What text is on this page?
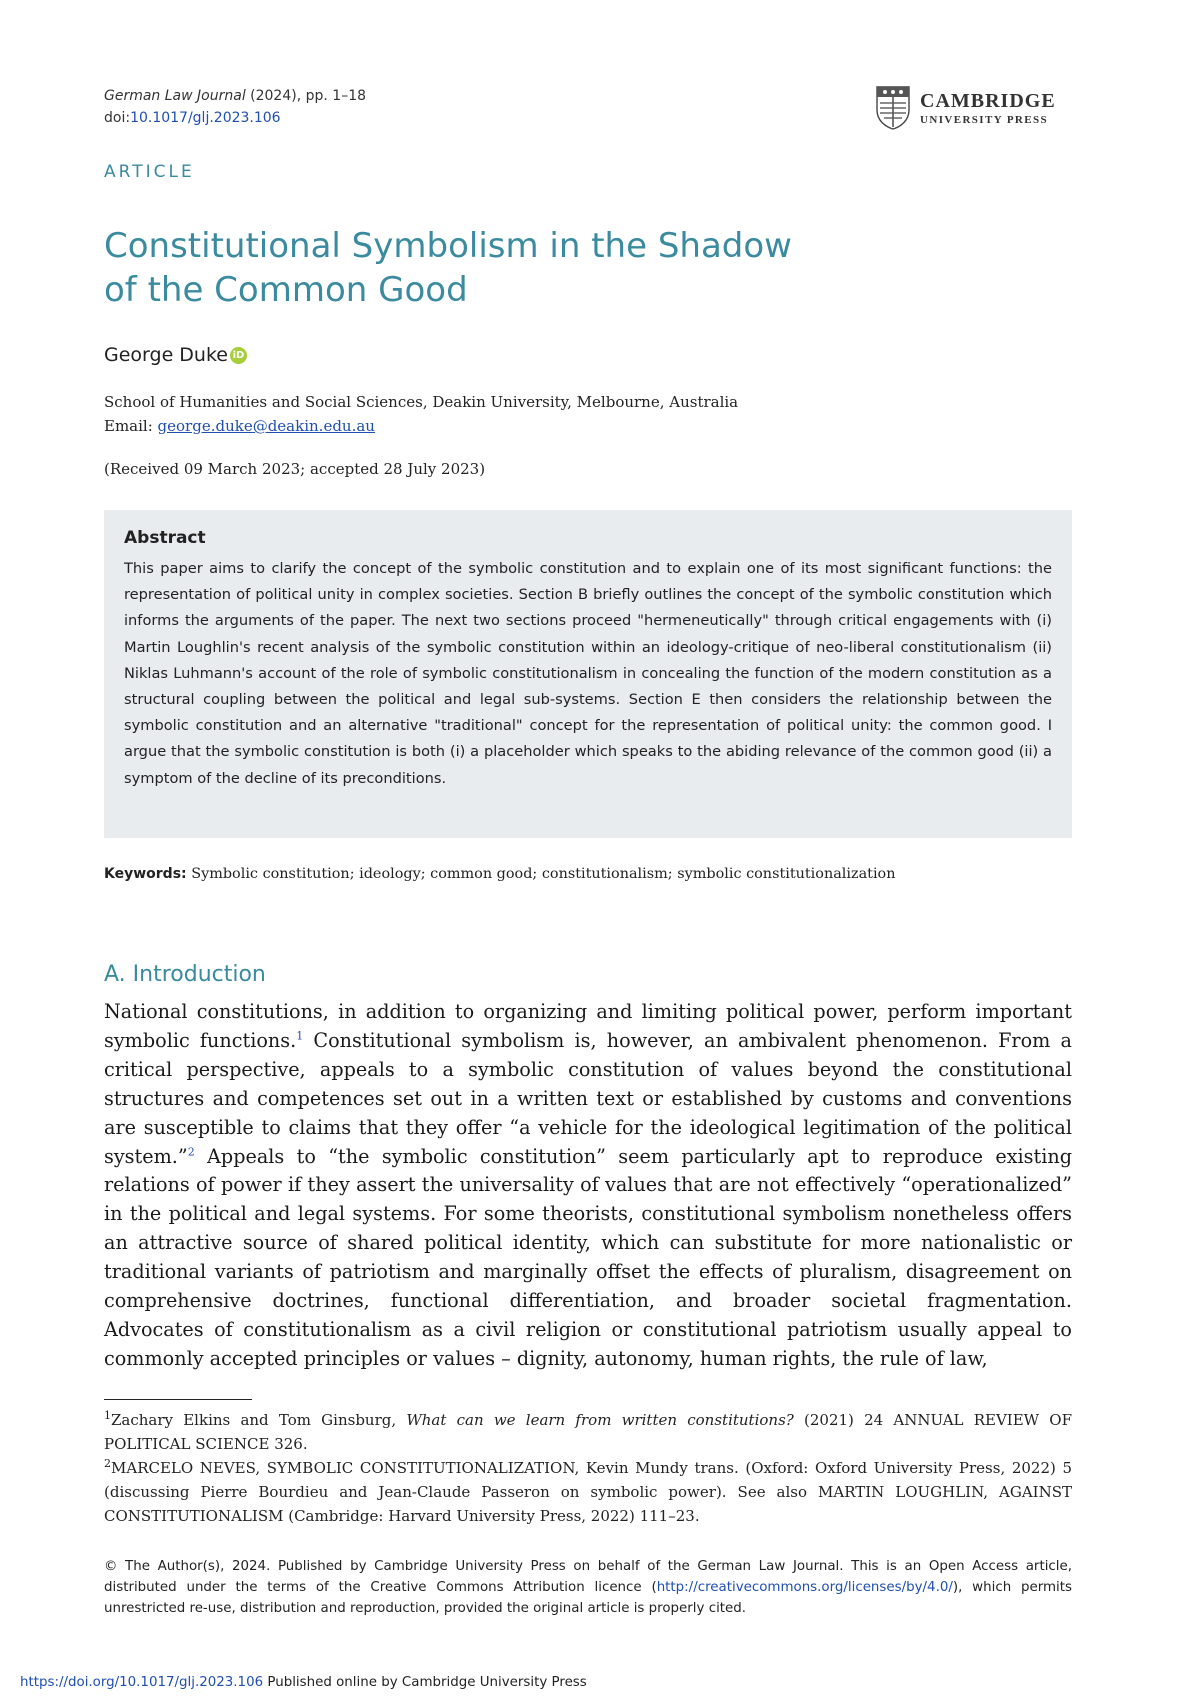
German Law Journal (2024), pp. 1–18
doi:10.1017/glj.2023.106
CAMBRIDGE
UNIVERSITY PRESS
ARTICLE
Constitutional Symbolism in the Shadow
of the Common Good
George Duke iD
School of Humanities and Social Sciences, Deakin University, Melbourne, Australia
Email: george.duke@deakin.edu.au
(Received 09 March 2023; accepted 28 July 2023)
Abstract

This paper aims to clarify the concept of the symbolic constitution and to explain one of its most significant functions: the representation of political unity in complex societies. Section B briefly outlines the concept of the symbolic constitution which informs the arguments of the paper. The next two sections proceed "hermeneutically" through critical engagements with (i) Martin Loughlin's recent analysis of the symbolic constitution within an ideology-critique of neo-liberal constitutionalism (ii) Niklas Luhmann's account of the role of symbolic constitutionalism in concealing the function of the modern constitution as a structural coupling between the political and legal sub-systems. Section E then considers the relationship between the symbolic constitution and an alternative "traditional" concept for the representation of political unity: the common good. I argue that the symbolic constitution is both (i) a placeholder which speaks to the abiding relevance of the common good (ii) a symptom of the decline of its preconditions.

Keywords: Symbolic constitution; ideology; common good; constitutionalism; symbolic constitutionalization
A. Introduction

National constitutions, in addition to organizing and limiting political power, perform important symbolic functions.$^1$ Constitutional symbolism is, however, an ambivalent phenomenon. From a critical perspective, appeals to a symbolic constitution of values beyond the constitutional structures and competences set out in a written text or established by customs and conventions are susceptible to claims that they offer “a vehicle for the ideological legitimation of the political system.”$^2$ Appeals to “the symbolic constitution” seem particularly apt to reproduce existing relations of power if they assert the universality of values that are not effectively “operationalized” in the political and legal systems. For some theorists, constitutional symbolism nonetheless offers an attractive source of shared political identity, which can substitute for more nationalistic or traditional variants of patriotism and marginally offset the effects of pluralism, disagreement on comprehensive doctrines, functional differentiation, and broader societal fragmentation. Advocates of constitutionalism as a civil religion or constitutional patriotism usually appeal to commonly accepted principles or values – dignity, autonomy, human rights, the rule of law,

$^1$Zachary Elkins and Tom Ginsburg, What can we learn from written constitutions? (2021) 24 ANNUAL REVIEW OF POLITICAL SCIENCE 326.

$^2$MARCELO NEVES, SYMBOLIC CONSTITUTIONALIZATION, Kevin Mundy trans. (Oxford: Oxford University Press, 2022) 5 (discussing Pierre Bourdieu and Jean-Claude Passeron on symbolic power). See also MARTIN LOUGHLIN, AGAINST CONSTITUTIONALISM (Cambridge: Harvard University Press, 2022) 111–23.

© The Author(s), 2024. Published by Cambridge University Press on behalf of the German Law Journal. This is an Open Access article, distributed under the terms of the Creative Commons Attribution licence (http://creativecommons.org/licenses/by/4.0/), which permits unrestricted re-use, distribution and reproduction, provided the original article is properly cited.

https://doi.org/10.1017/glj.2023.106 Published online by Cambridge University Press
